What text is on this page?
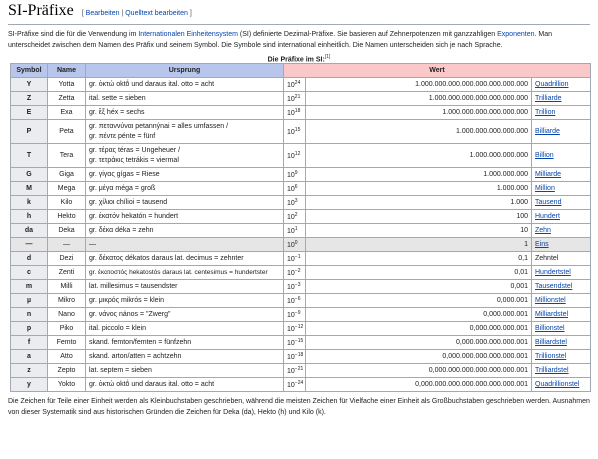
SI-Präfixe [ Bearbeiten | Quelltext bearbeiten ]
SI-Präfixe sind die für die Verwendung im Internationalen Einheitensystem (SI) definierte Dezimal-Präfixe. Sie basieren auf Zehnerpotenzen mit ganzzahligen Exponenten. Man unterscheidet zwischen dem Namen des Präfix und seinem Symbol. Die Symbole sind international einheitlich. Die Namen unterscheiden sich je nach Sprache.
Die Präfixe im SI:[1]
Symbol	Name	Ursprung	Wert		
Y	Yotta	gr. ὀκτώ oktṓ und daraus ital. otto = acht	$10^{24}$	1.000.000.000.000.000.000.000.000	Quadrillion
Z	Zetta	ital. sette = sieben	$10^{21}$	1.000.000.000.000.000.000.000	Trilliarde
E	Exa	gr. ἕξ héx = sechs	$10^{18}$	1.000.000.000.000.000.000	Trillion
P	Peta	gr. πεταννύναι petannýnai = alles umfassen /
gr. πέντε pénte = fünf	$10^{15}$	1.000.000.000.000.000	Billiarde
T	Tera	gr. τέρας téras = Ungeheuer /
gr. τετράκις tetrákis = viermal	$10^{12}$	1.000.000.000.000	Billion
G	Giga	gr. γίγας gígas = Riese	$10^9$	1.000.000.000	Milliarde
M	Mega	gr. μέγα méga = groß	$10^6$	1.000.000	Million
k	Kilo	gr. χίλιοι chílioi = tausend	$10^3$	1.000	Tausend
h	Hekto	gr. ἑκατόν hekatón = hundert	$10^2$	100	Hundert
da	Deka	gr. δέκα déka = zehn	$10^1$	10	Zehn
—	—	—	$10^0$	1	Eins
d	Dezi	gr. δέκατος dékatos daraus lat. decimus = zehnter	$10^{-1}$	0,1	Zehntel
c	Zenti	gr. ἑκατοστός hekatostós daraus lat. centesimus = hundertster	$10^{-2}$	0,01	Hundertstel
m	Milli	lat. millesimus = tausendster	$10^{-3}$	0,001	Tausendstel
µ	Mikro	gr. μικρός mikrós = klein	$10^{-6}$	0,000.001	Millionstel
n	Nano	gr. νάνος nános = "Zwerg"	$10^{-9}$	0,000.000.001	Milliardstel
p	Piko	ital. piccolo = klein	$10^{-12}$	0,000.000.000.001	Billionstel
f	Femto	skand. femton/femten = fünfzehn	$10^{-15}$	0,000.000.000.000.001	Billiardstel
a	Atto	skand. arton/atten = achtzehn	$10^{-18}$	0,000.000.000.000.000.001	Trillionstel
z	Zepto	lat. septem = sieben	$10^{-21}$	0,000.000.000.000.000.000.001	Trilliardstel
y	Yokto	gr. ὀκτώ oktṓ und daraus ital. otto = acht	$10^{-24}$	0,000.000.000.000.000.000.000.001	Quadrillionstel
Die Zeichen für Teile einer Einheit werden als Kleinbuchstaben geschrieben, während die meisten Zeichen für Vielfache einer Einheit als Großbuchstaben geschrieben werden. Ausnahmen von dieser Systematik sind aus historischen Gründen die Zeichen für Deka (da), Hekto (h) und Kilo (k).
